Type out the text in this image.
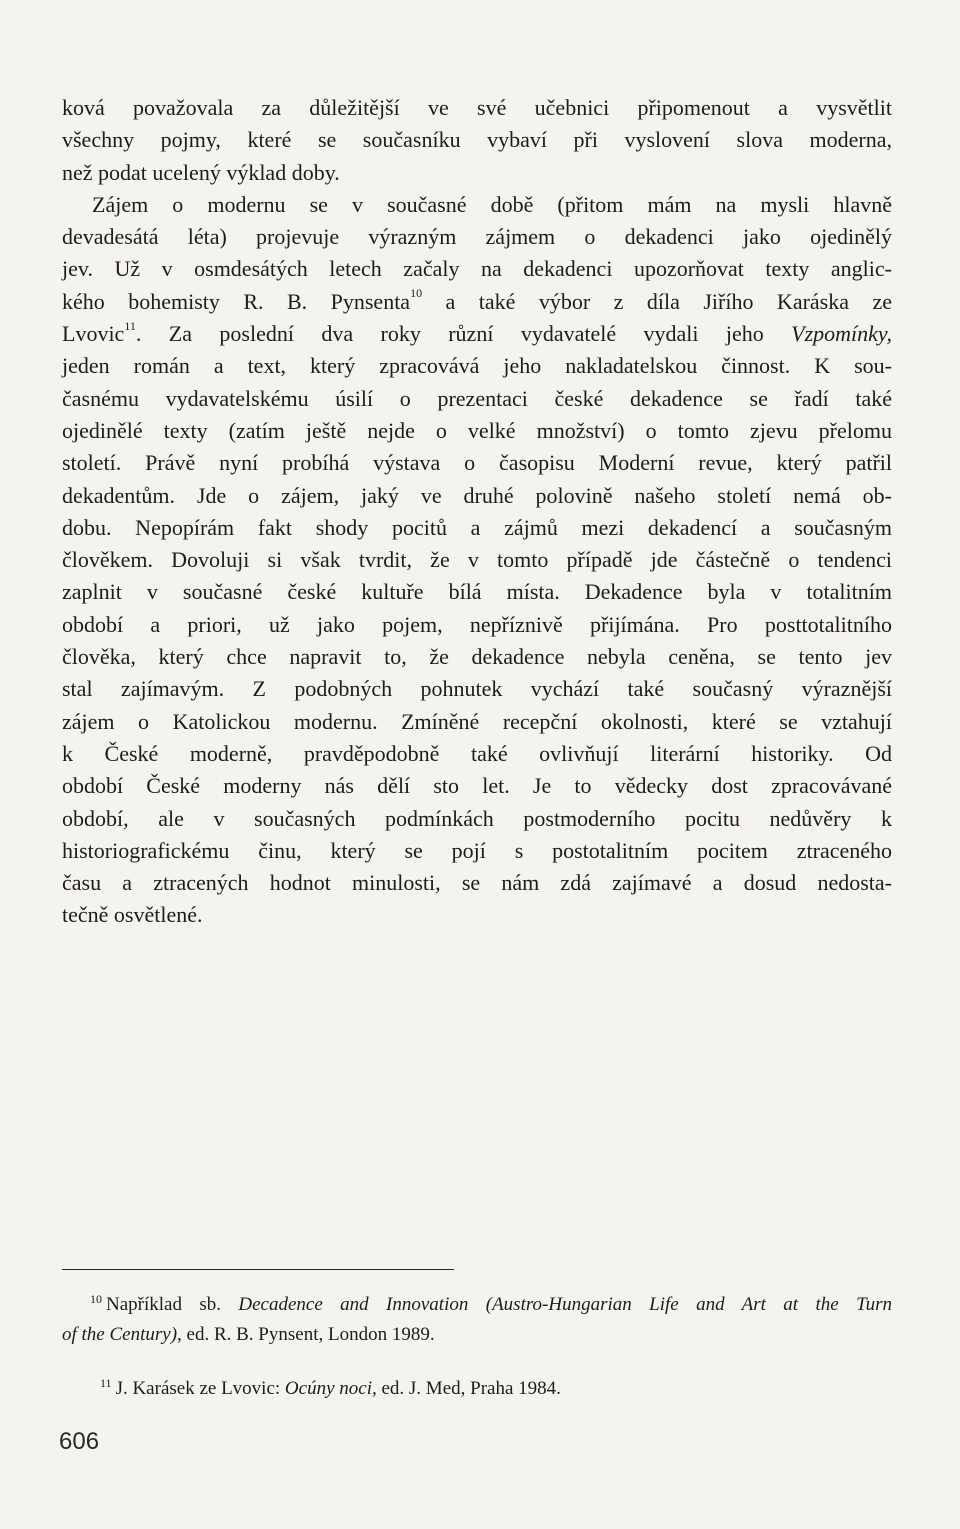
ková považovala za důležitější ve své učebnici připomenout a vysvětlit
všechny pojmy, které se současníku vybaví při vyslovení slova moderna,
než podat ucelený výklad doby.
Zájem o modernu se v současné době (přitom mám na mysli hlavně
devadesátá léta) projevuje výrazným zájmem o dekadenci jako ojedinělý
jev. Už v osmdesátých letech začaly na dekadenci upozorňovat texty anglic-
kého bohemisty R. B. Pynsenta$^{10}$ a také výbor z díla Jiřího Karáska ze
Lvovic$^{11}$. Za poslední dva roky různí vydavatelé vydali jeho Vzpomínky,
jeden román a text, který zpracovává jeho nakladatelskou činnost. K sou-
časnému vydavatelskému úsilí o prezentaci české dekadence se řadí také
ojedinělé texty (zatím ještě nejde o velké množství) o tomto zjevu přelomu
století. Právě nyní probíhá výstava o časopisu Moderní revue, který patřil
dekadentům. Jde o zájem, jaký ve druhé polovině našeho století nemá ob-
dobu. Nepopírám fakt shody pocitů a zájmů mezi dekadencí a současným
člověkem. Dovoluji si však tvrdit, že v tomto případě jde částečně o tendenci
zaplnit v současné české kultuře bílá místa. Dekadence byla v totalitním
období a priori, už jako pojem, nepříznivě přijímána. Pro posttotalitního
člověka, který chce napravit to, že dekadence nebyla ceněna, se tento jev
stal zajímavým. Z podobných pohnutek vychází také současný výraznější
zájem o Katolickou modernu. Zmíněné recepční okolnosti, které se vztahují
k České moderně, pravděpodobně také ovlivňují literární historiky. Od
období České moderny nás dělí sto let. Je to vědecky dost zpracovávané
období, ale v současných podmínkách postmoderního pocitu nedůvěry k
historiografickému činu, který se pojí s postotalitním pocitem ztraceného
času a ztracených hodnot minulosti, se nám zdá zajímavé a dosud nedosta-
tečně osvětlené.
$^{10}$ Například sb. Decadence and Innovation (Austro-Hungarian Life and Art at the Turn
of the Century), ed. R. B. Pynsent, London 1989.
$^{11}$ J. Karásek ze Lvovic: Ocúny noci, ed. J. Med, Praha 1984.
606
